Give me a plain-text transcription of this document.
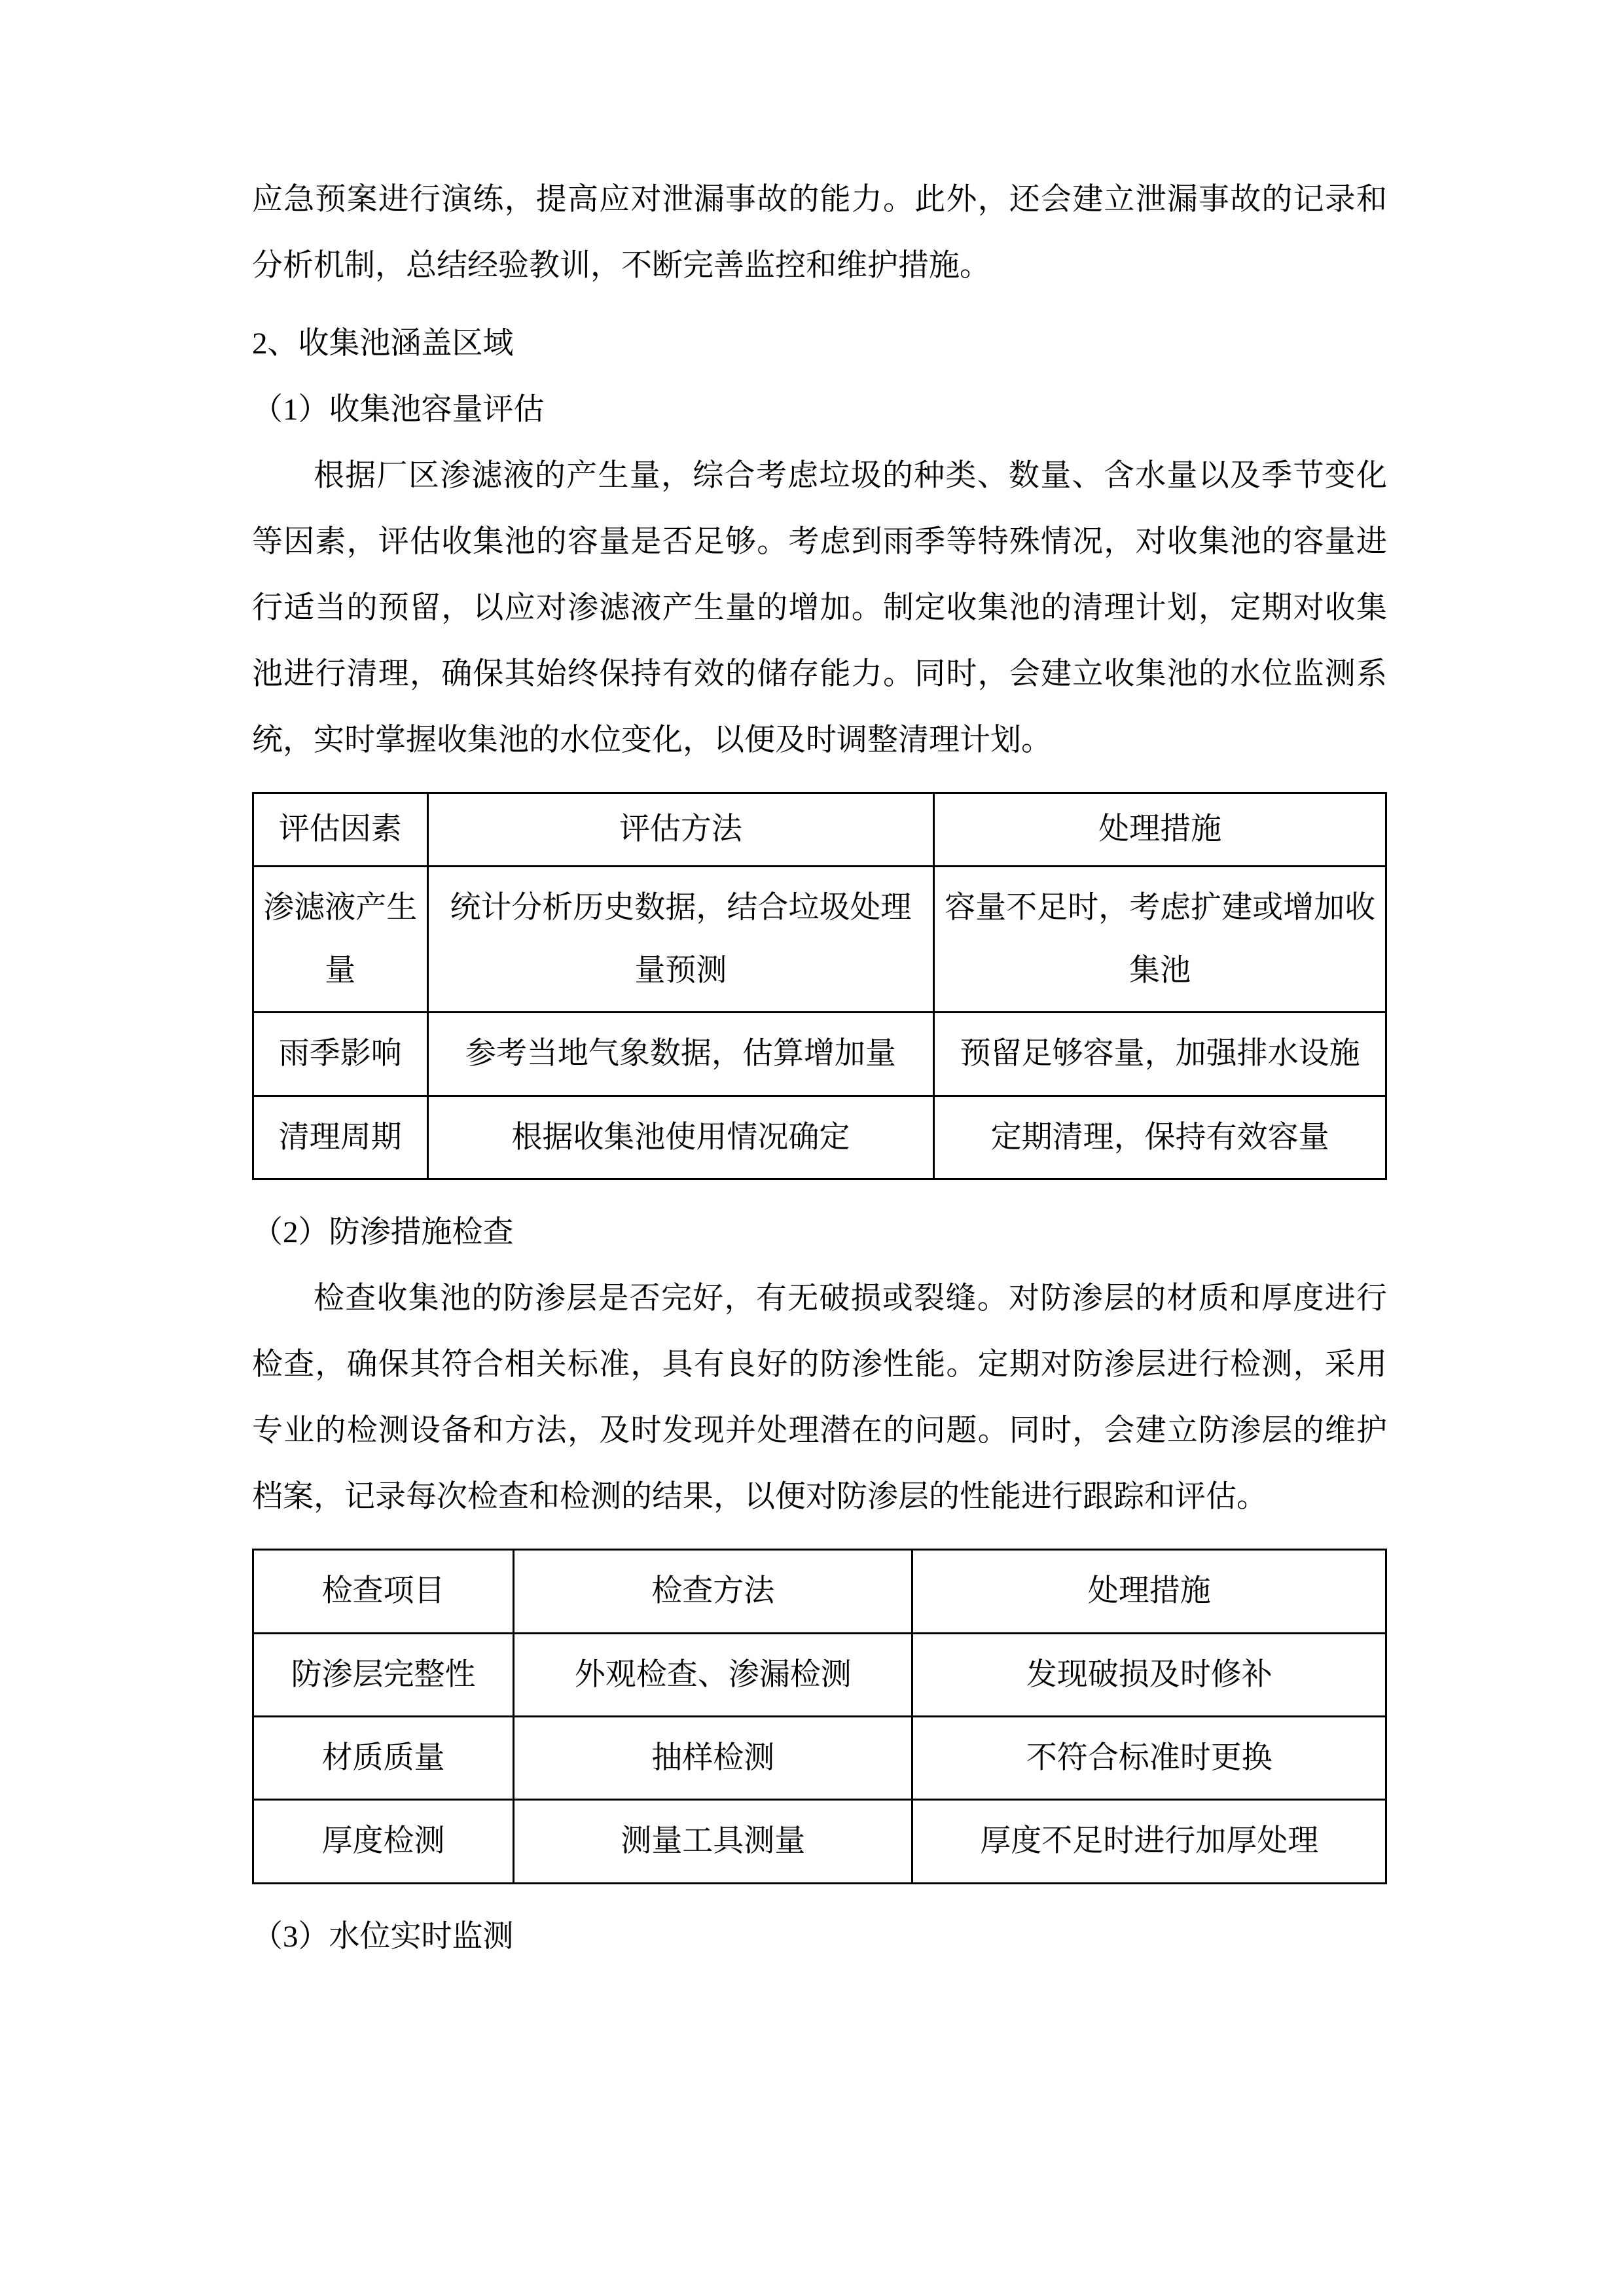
应急预案进行演练，提高应对泄漏事故的能力。此外，还会建立泄漏事故的记录和分析机制，总结经验教训，不断完善监控和维护措施。

2、收集池涵盖区域
（1）收集池容量评估

根据厂区渗滤液的产生量，综合考虑垃圾的种类、数量、含水量以及季节变化等因素，评估收集池的容量是否足够。考虑到雨季等特殊情况，对收集池的容量进行适当的预留，以应对渗滤液产生量的增加。制定收集池的清理计划，定期对收集池进行清理，确保其始终保持有效的储存能力。同时，会建立收集池的水位监测系统，实时掌握收集池的水位变化，以便及时调整清理计划。

评估因素	评估方法	处理措施
渗滤液产生量	统计分析历史数据，结合垃圾处理量预测	容量不足时，考虑扩建或增加收集池
雨季影响	参考当地气象数据，估算增加量	预留足够容量，加强排水设施
清理周期	根据收集池使用情况确定	定期清理，保持有效容量
（2）防渗措施检查

检查收集池的防渗层是否完好，有无破损或裂缝。对防渗层的材质和厚度进行检查，确保其符合相关标准，具有良好的防渗性能。定期对防渗层进行检测，采用专业的检测设备和方法，及时发现并处理潜在的问题。同时，会建立防渗层的维护档案，记录每次检查和检测的结果，以便对防渗层的性能进行跟踪和评估。

检查项目	检查方法	处理措施
防渗层完整性	外观检查、渗漏检测	发现破损及时修补
材质质量	抽样检测	不符合标准时更换
厚度检测	测量工具测量	厚度不足时进行加厚处理
（3）水位实时监测
